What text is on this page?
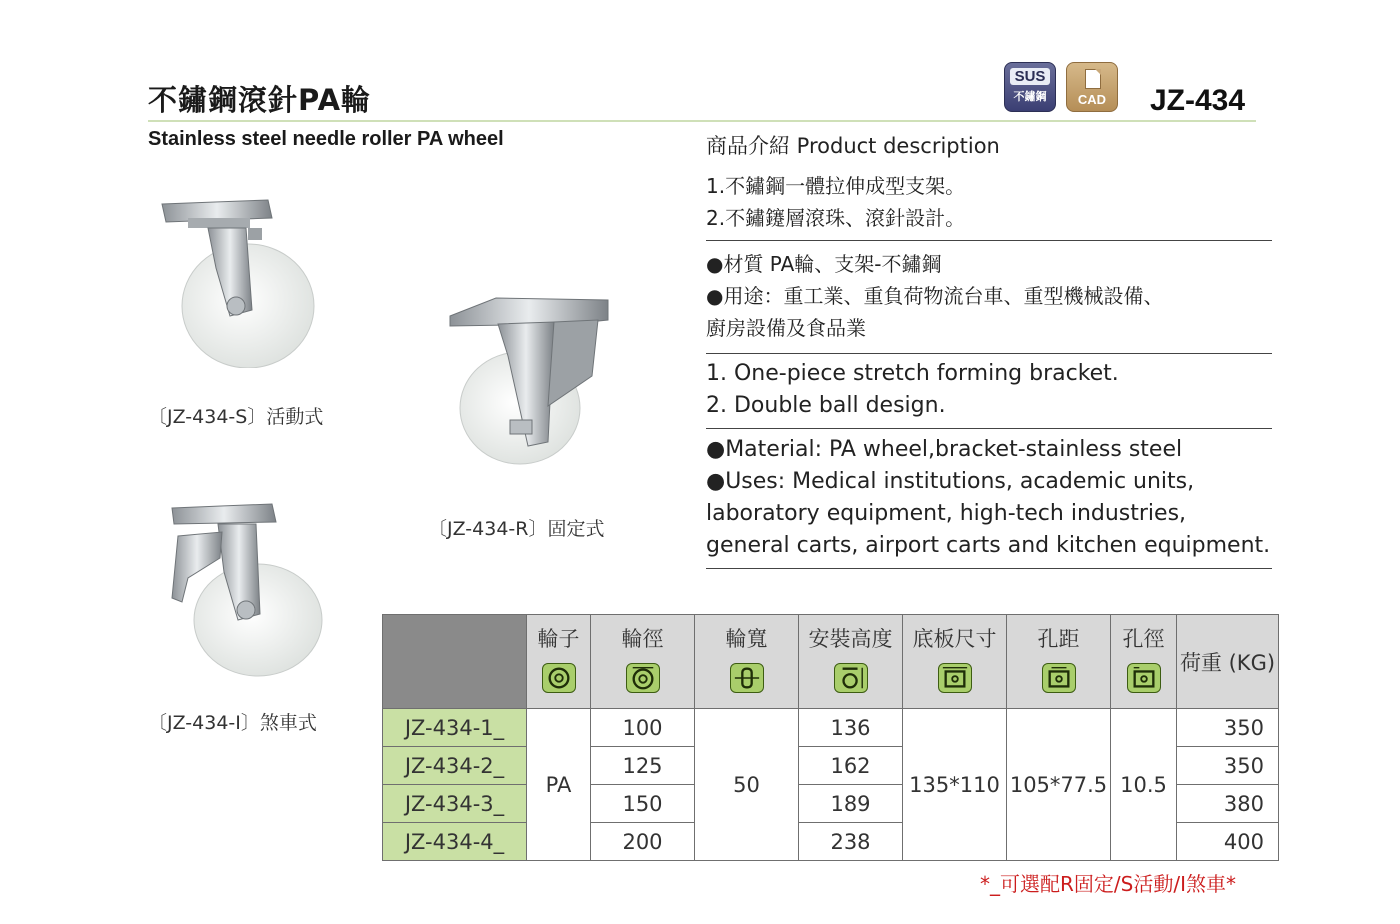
不鏽鋼滾針PA輪
Stainless steel needle roller PA wheel
SUS
不鏽鋼	CAD	JZ-434
〔JZ-434-S〕活動式
〔JZ-434-R〕固定式
〔JZ-434-I〕煞車式
商品介紹 Product description
1.不鏽鋼一體拉伸成型支架。
2.不鏽鑳層滾珠、滾針設計。
●材質 PA輪、支架-不鏽鋼
●用途：重工業、重負荷物流台車、重型機械設備、
廚房設備及食品業
1. One-piece stretch forming bracket.
2. Double ball design.
●Material: PA wheel,bracket-stainless steel
●Uses: Medical institutions, academic units,
laboratory equipment, high-tech industries,
general carts, airport carts and kitchen equipment.

	輪子	輪徑	輪寬	安裝高度	底板尺寸	孔距	孔徑	荷重 (KG)
JZ-434-1_	PA	100	50	136	135*110	105*77.5	10.5	350
JZ-434-2_		125		162				350
JZ-434-3_		150		189				380
JZ-434-4_		200		238				400
*_可選配R固定/S活動/I煞車*
